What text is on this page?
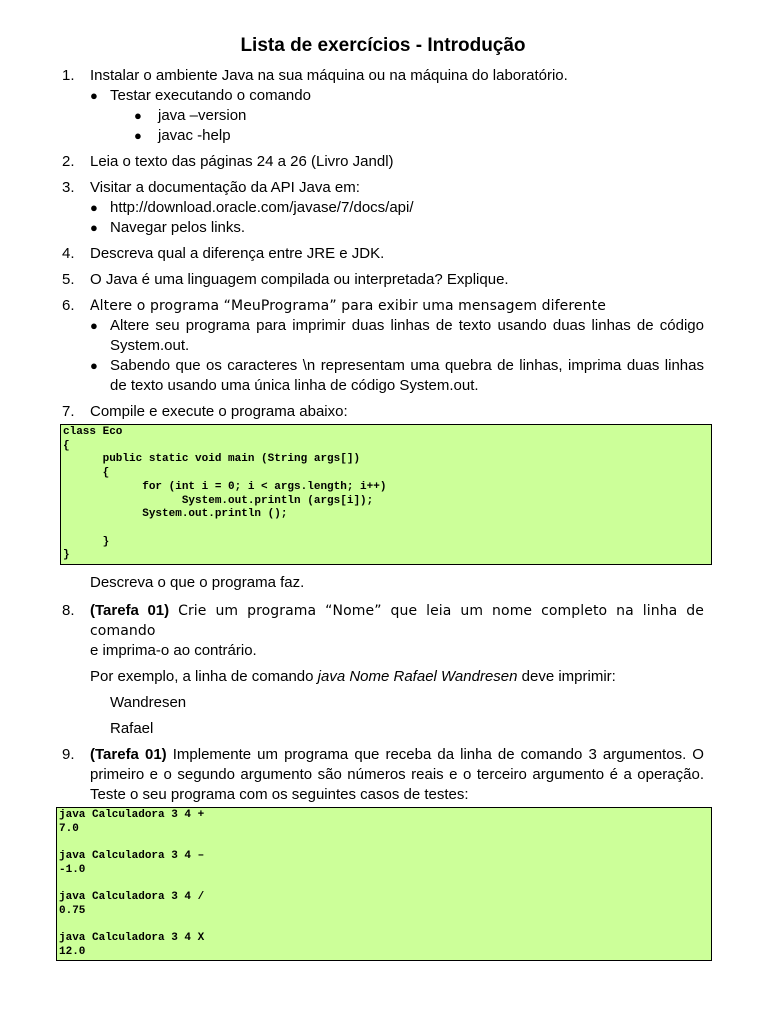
Lista de exercícios - Introdução
1. Instalar o ambiente Java na sua máquina ou na máquina do laboratório.

● Testar executando o comando
● java –version
● javac -help
2. Leia o texto das páginas 24 a 26 (Livro Jandl)

3. Visitar a documentação da API Java em:

● http://download.oracle.com/javase/7/docs/api/
● Navegar pelos links.
4. Descreva qual a diferença entre JRE e JDK.

5. O Java é uma linguagem compilada ou interpretada? Explique.

6. Altere o programa “MeuPrograma” para exibir uma mensagem diferente

● Altere seu programa para imprimir duas linhas de texto usando duas linhas de código System.out.

● Sabendo que os caracteres \n representam uma quebra de linhas, imprima duas linhas de texto usando uma única linha de código System.out.

7. Compile e execute o programa abaixo:

class Eco
{
public static void main (String args[])
{
for (int i = 0; i < args.length; i++)
System.out.println (args[i]);
System.out.println ();

}
}
Descreva o que o programa faz.
8. (Tarefa 01) Crie um programa “Nome” que leia um nome completo na linha de comando
e imprima-o ao contrário.

Por exemplo, a linha de comando java Nome Rafael Wandresen deve imprimir:

Wandresen

Rafael

9. (Tarefa 01) Implemente um programa que receba da linha de comando 3 argumentos. O primeiro e o segundo argumento são números reais e o terceiro argumento é a operação. Teste o seu programa com os seguintes casos de testes:

java Calculadora 3 4 +
7.0

java Calculadora 3 4 –
-1.0

java Calculadora 3 4 /
0.75

java Calculadora 3 4 X
12.0
